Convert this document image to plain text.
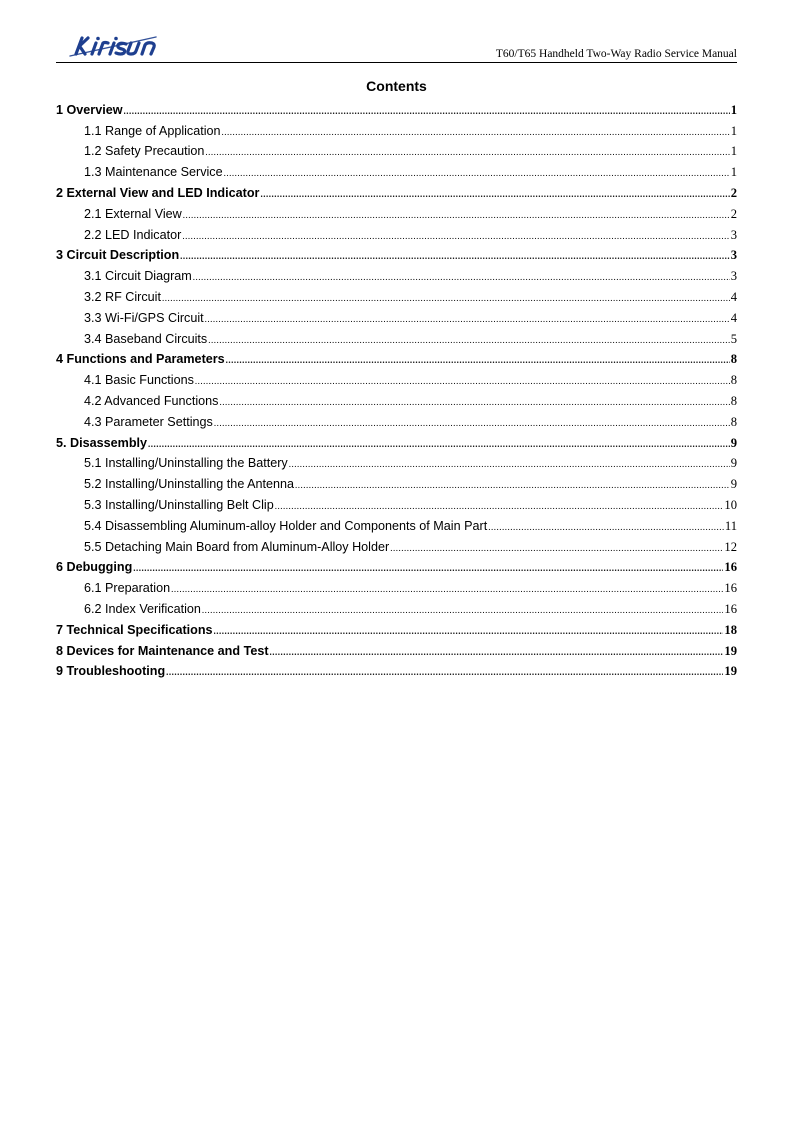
T60/T65 Handheld Two-Way Radio Service Manual
Contents
1 Overview .....	1
1.1 Range of Application .....	1
1.2 Safety Precaution .....	1
1.3 Maintenance Service .....	1
2 External View and LED Indicator .....	2
2.1 External View .....	2
2.2 LED Indicator .....	3
3 Circuit Description .....	3
3.1 Circuit Diagram .....	3
3.2 RF Circuit .....	4
3.3 Wi-Fi/GPS Circuit .....	4
3.4 Baseband Circuits .....	5
4 Functions and Parameters .....	8
4.1 Basic Functions .....	8
4.2 Advanced Functions .....	8
4.3 Parameter Settings .....	8
5. Disassembly .....	9
5.1 Installing/Uninstalling the Battery .....	9
5.2 Installing/Uninstalling the Antenna .....	9
5.3 Installing/Uninstalling Belt Clip .....	10
5.4 Disassembling Aluminum-alloy Holder and Components of Main Part .....	11
5.5 Detaching Main Board from Aluminum-Alloy Holder .....	12
6 Debugging .....	16
6.1 Preparation .....	16
6.2 Index Verification .....	16
7 Technical Specifications .....	18
8 Devices for Maintenance and Test .....	19
9 Troubleshooting .....	19
